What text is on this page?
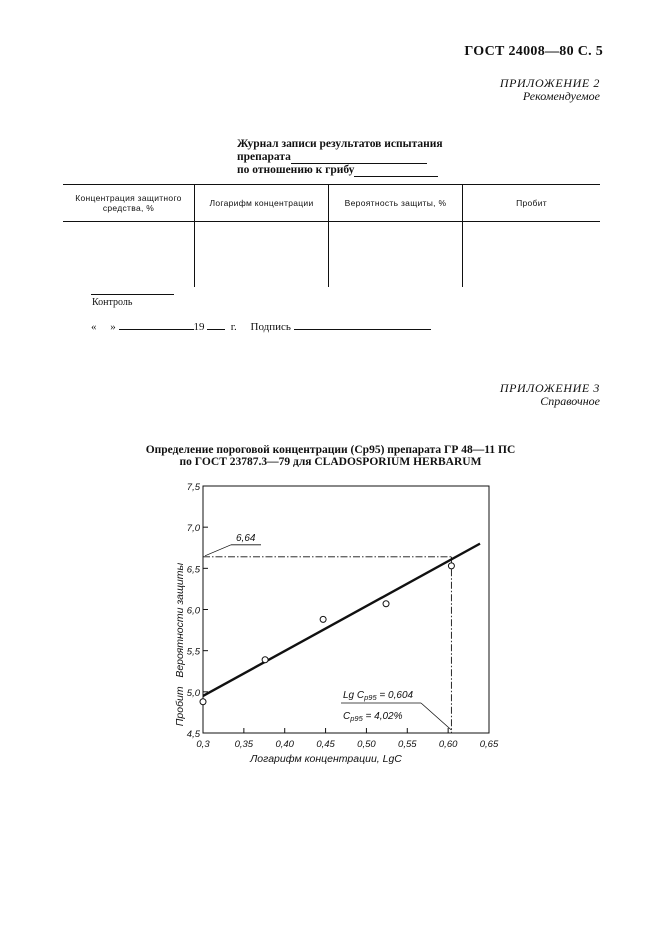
ГОСТ 24008—80 С. 5
ПРИЛОЖЕНИЕ 2
Рекомендуемое
Журнал записи результатов испытания
препарата
по отношению к грибу
Концентрация защитного средства, %	Логарифм концентрации	Вероятность защиты, %	Пробит

Контроль
« »	19 г. Подпись
ПРИЛОЖЕНИЕ 3
Справочное
Определение пороговой концентрации (Ср95) препарата ГР 48—11 ПС
по ГОСТ 23787.3—79 для CLADOSPORIUM HERBARUM
4,5
5,0
5,5
6,0
6,5
7,0
7,5
0,3	0,35 0,40 0,45 0,50 0,55 0,60 0,65
6,64
Lg $C_{p95} = 0,604$
$C_{p95} = 4,02\%$
Логарифм концентрации, LgC
Пробит   Вероятности защиты
